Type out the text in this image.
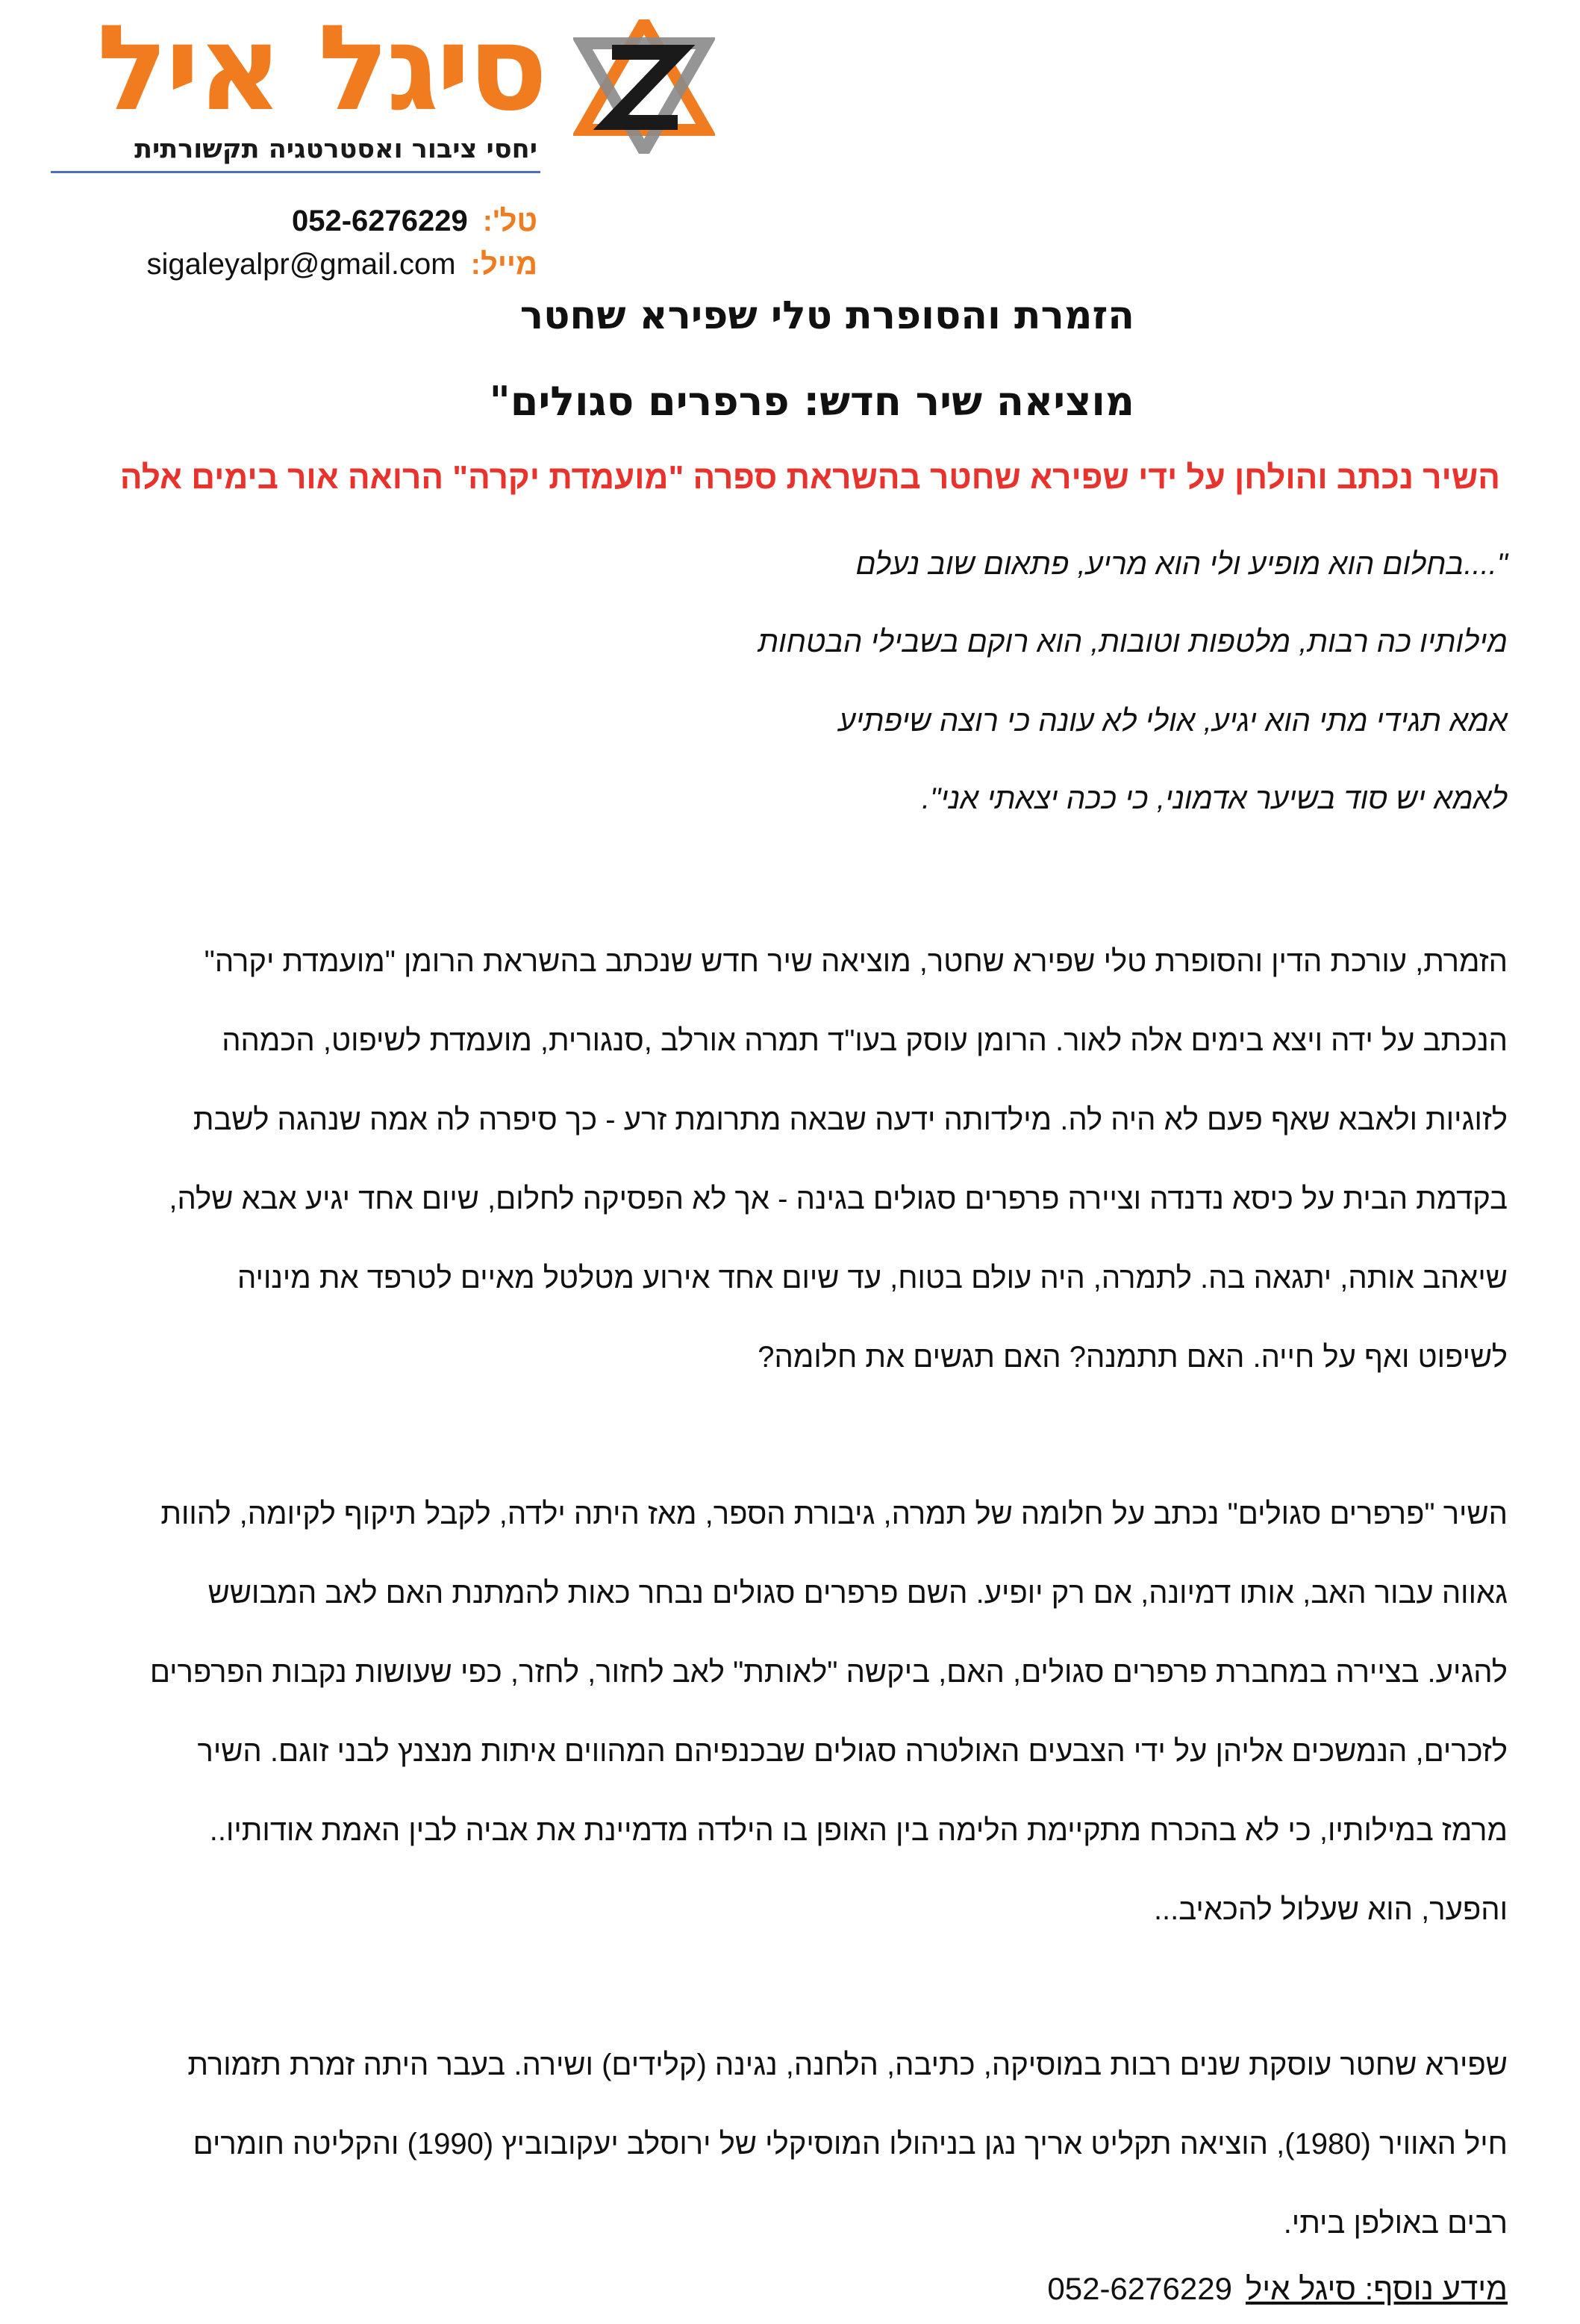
סיגל איל
יחסי ציבור ואסטרטגיה תקשורתית
טל':052-6276229
מייל:sigaleyalpr@gmail.com
הזמרת והסופרת טלי שפירא שחטר
מוציאה שיר חדש: פרפרים סגולים"
השיר נכתב והולחן על ידי שפירא שחטר בהשראת ספרה "מועמדת יקרה" הרואה אור בימים אלה
"....בחלום הוא מופיע ולי הוא מריע, פתאום שוב נעלם
מילותיו כה רבות, מלטפות וטובות, הוא רוקם בשבילי הבטחות
אמא תגידי מתי הוא יגיע, אולי לא עונה כי רוצה שיפתיע
לאמא יש סוד בשיער אדמוני, כי ככה יצאתי אני".
הזמרת, עורכת הדין והסופרת טלי שפירא שחטר, מוציאה שיר חדש שנכתב בהשראת הרומן "מועמדת יקרה"
הנכתב על ידה ויצא בימים אלה לאור. הרומן עוסק בעו"ד תמרה אורלב ,סנגורית, מועמדת לשיפוט, הכמהה
לזוגיות ולאבא שאף פעם לא היה לה. מילדותה ידעה שבאה מתרומת זרע - כך סיפרה לה אמה שנהגה לשבת
בקדמת הבית על כיסא נדנדה וציירה פרפרים סגולים בגינה - אך לא הפסיקה לחלום, שיום אחד יגיע אבא שלה,
שיאהב אותה, יתגאה בה. לתמרה, היה עולם בטוח, עד שיום אחד אירוע מטלטל מאיים לטרפד את מינויה
לשיפוט ואף על חייה. האם תתמנה? האם תגשים את חלומה?
השיר "פרפרים סגולים" נכתב על חלומה של תמרה, גיבורת הספר, מאז היתה ילדה, לקבל תיקוף לקיומה, להוות
גאווה עבור האב, אותו דמיונה, אם רק יופיע. השם פרפרים סגולים נבחר כאות להמתנת האם לאב המבושש
להגיע. בציירה במחברת פרפרים סגולים, האם, ביקשה "לאותת" לאב לחזור, לחזר, כפי שעושות נקבות הפרפרים
לזכרים, הנמשכים אליהן על ידי הצבעים האולטרה סגולים שבכנפיהם המהווים איתות מנצנץ לבני זוגם. השיר
מרמז במילותיו, כי לא בהכרח מתקיימת הלימה בין האופן בו הילדה מדמיינת את אביה לבין האמת אודותיו..
והפער, הוא שעלול להכאיב...
שפירא שחטר עוסקת שנים רבות במוסיקה, כתיבה, הלחנה, נגינה (קלידים) ושירה. בעבר היתה זמרת תזמורת
חיל האוויר (1980), הוציאה תקליט אריך נגן בניהולו המוסיקלי של ירוסלב יעקובוביץ (1990) והקליטה חומרים
רבים באולפן ביתי.
מידע נוסף: סיגל איל052-6276229
